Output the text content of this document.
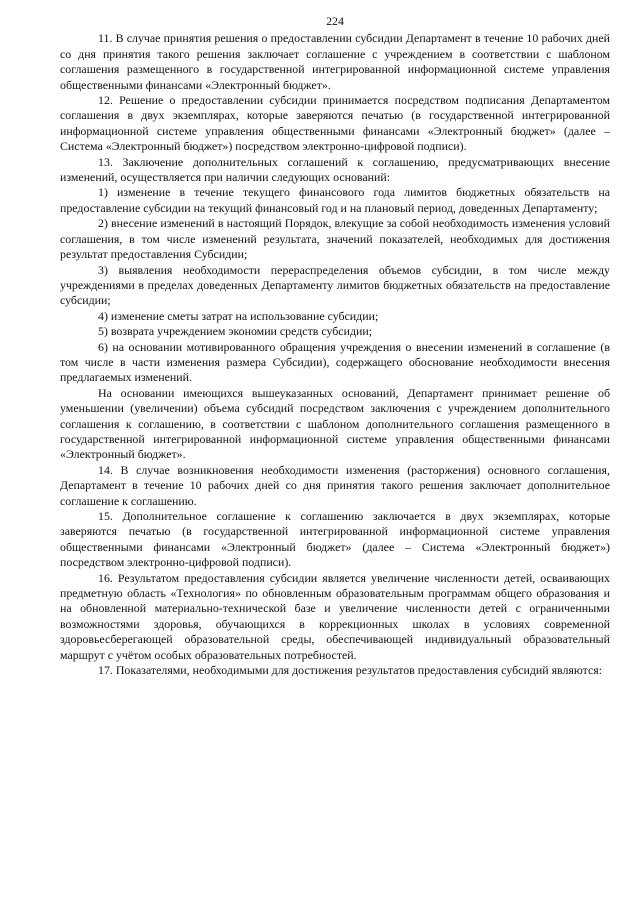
224

11. В случае принятия решения о предоставлении субсидии Департамент в течение 10 рабочих дней со дня принятия такого решения заключает соглашение с учреждением в соответствии с шаблоном соглашения размещенного в государственной интегрированной информационной системе управления общественными финансами «Электронный бюджет».

12. Решение о предоставлении субсидии принимается посредством подписания Департаментом соглашения в двух экземплярах, которые заверяются печатью (в государственной интегрированной информационной системе управления общественными финансами «Электронный бюджет» (далее – Система «Электронный бюджет») посредством электронно-цифровой подписи).

13. Заключение дополнительных соглашений к соглашению, предусматривающих внесение изменений, осуществляется при наличии следующих оснований:

1) изменение в течение текущего финансового года лимитов бюджетных обязательств на предоставление субсидии на текущий финансовый год и на плановый период, доведенных Департаменту;

2) внесение изменений в настоящий Порядок, влекущие за собой необходимость изменения условий соглашения, в том числе изменений результата, значений показателей, необходимых для достижения результат предоставления Субсидии;

3) выявления необходимости перераспределения объемов субсидии, в том числе между учреждениями в пределах доведенных Департаменту лимитов бюджетных обязательств на предоставление субсидии;

4) изменение сметы затрат на использование субсидии;

5) возврата учреждением экономии средств субсидии;

6) на основании мотивированного обращения учреждения о внесении изменений в соглашение (в том числе в части изменения размера Субсидии), содержащего обоснование необходимости внесения предлагаемых изменений.

На основании имеющихся вышеуказанных оснований, Департамент принимает решение об уменьшении (увеличении) объема субсидий посредством заключения с учреждением дополнительного соглашения к соглашению, в соответствии с шаблоном дополнительного соглашения размещенного в государственной интегрированной информационной системе управления общественными финансами «Электронный бюджет».

14. В случае возникновения необходимости изменения (расторжения) основного соглашения, Департамент в течение 10 рабочих дней со дня принятия такого решения заключает дополнительное соглашение к соглашению.

15. Дополнительное соглашение к соглашению заключается в двух экземплярах, которые заверяются печатью (в государственной интегрированной информационной системе управления общественными финансами «Электронный бюджет» (далее – Система «Электронный бюджет») посредством электронно-цифровой подписи).

16. Результатом предоставления субсидии является увеличение численности детей, осваивающих предметную область «Технология» по обновленным образовательным программам общего образования и на обновленной материально-технической базе и увеличение численности детей с ограниченными возможностями здоровья, обучающихся в коррекционных школах в условиях современной здоровьесберегающей образовательной среды, обеспечивающей индивидуальный образовательный маршрут с учётом особых образовательных потребностей.

17. Показателями, необходимыми для достижения результатов предоставления субсидий являются:
